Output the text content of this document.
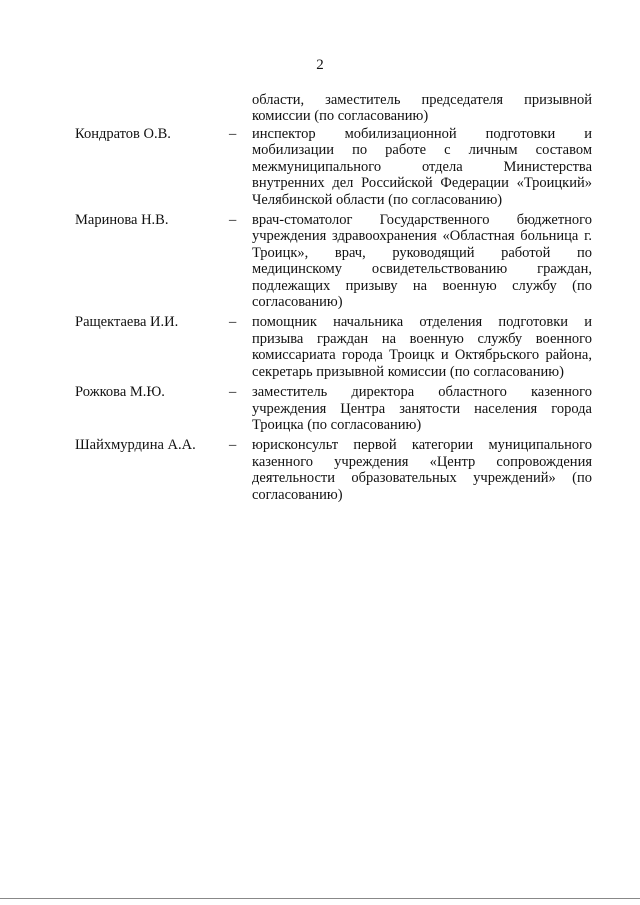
2
области, заместитель председателя призывной комиссии (по согласованию)
Кондратов О.В.	– инспектор мобилизационной подготовки и мобилизации по работе с личным составом межмуниципального отдела Министерства внутренних дел Российской Федерации «Троицкий» Челябинской области (по согласованию)
Маринова Н.В.	– врач-стоматолог Государственного бюджетного учреждения здравоохранения «Областная больница г. Троицк», врач, руководящий работой по медицинскому освидетельствованию граждан, подлежащих призыву на военную службу (по согласованию)
Ращектаева И.И.	– помощник начальника отделения подготовки и призыва граждан на военную службу военного комиссариата города Троицк и Октябрьского района, секретарь призывной комиссии (по согласованию)
Рожкова М.Ю.	– заместитель директора областного казенного учреждения Центра занятости населения города Троицка (по согласованию)
Шайхмурдина А.А. – юрисконсульт первой категории муниципального казенного учреждения «Центр сопровождения деятельности образовательных учреждений» (по согласованию)
